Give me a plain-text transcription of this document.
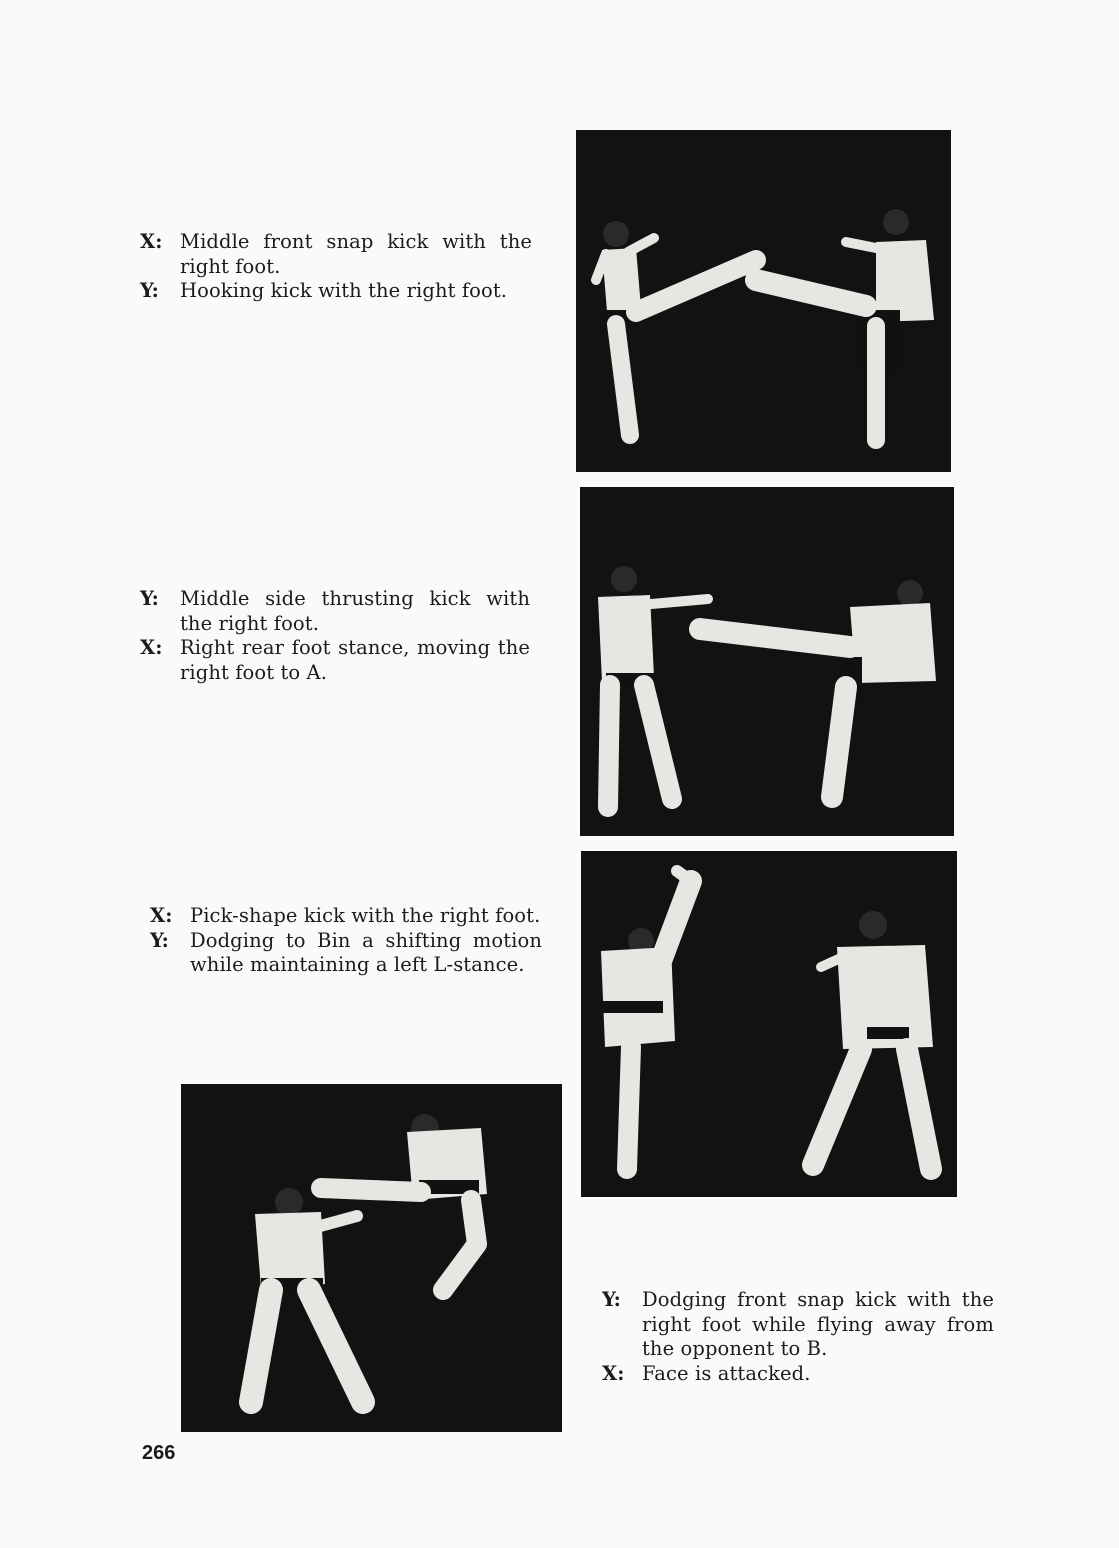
X: Middle front snap kick with the right foot.
Y:	Hooking kick with the right foot.
Y:	Middle side thrusting kick with the right foot.
X: Right rear foot stance, moving the right foot to A.
X: Pick-shape kick with the right foot.
Y:	Dodging to Bin a shifting motion while maintaining a left L-stance.
Y:	Dodging front snap kick with the right foot while flying away from the opponent to B.
X: Face is attacked.
266
